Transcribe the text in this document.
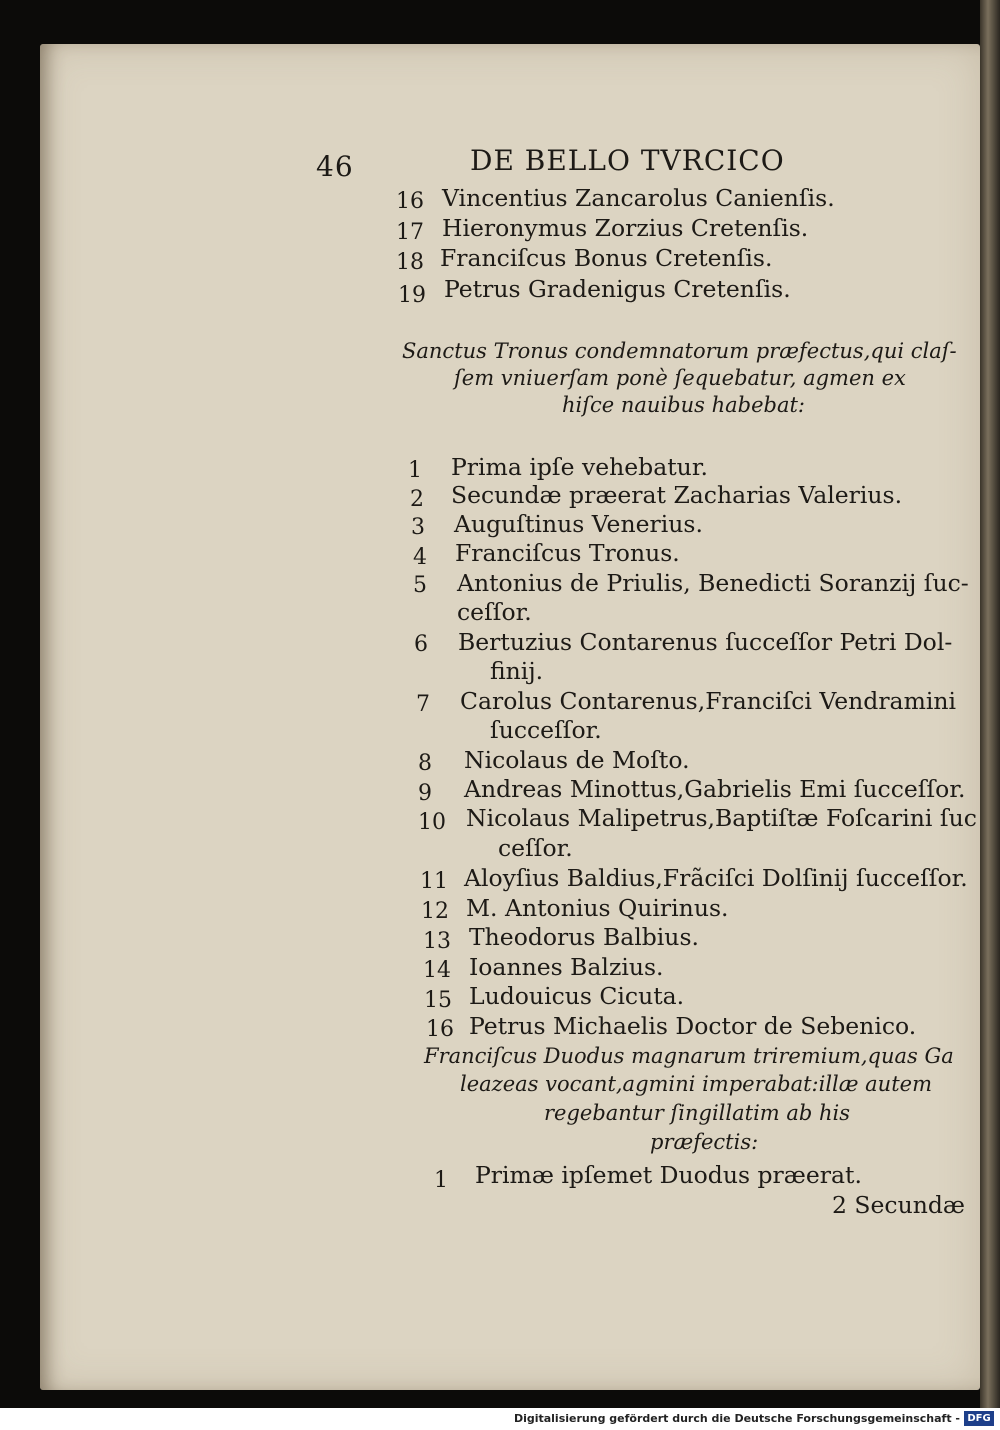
46	DE BELLO TVRCICO
16 Vincentius Zancarolus Canienſis.
17 Hieronymus Zorzius Cretenſis.
18 Franciſcus Bonus Cretenſis.
19 Petrus Gradenigus Cretenſis.
Sanctus Tronus condemnatorum præfectus,qui claſ-
ſem vniuerſam ponè ſequebatur, agmen ex
hiſce nauibus habebat:
1 Prima ipſe vehebatur.
2 Secundæ præerat Zacharias Valerius.
3 Auguſtinus Venerius.
4 Franciſcus Tronus.
5 Antonius de Priulis, Benedicti Soranzij ſuc-
ceſſor.
6 Bertuzius Contarenus ſucceſſor Petri Dol-
finij.
7 Carolus Contarenus,Franciſci Vendramini
ſucceſſor.
8 Nicolaus de Moſto.
9 Andreas Minottus,Gabrielis Emi ſucceſſor.
10 Nicolaus Malipetrus,Baptiſtæ Foſcarini ſuc
ceſſor.
11 Aloyſius Baldius,Frãciſci Dolſinij ſucceſſor.
12 M. Antonius Quirinus.
13 Theodorus Balbius.
14 Ioannes Balzius.
15 Ludouicus Cicuta.
16 Petrus Michaelis Doctor de Sebenico.
Franciſcus Duodus magnarum triremium,quas Ga
leazeas vocant,agmini imperabat:illæ autem
regebantur ſingillatim ab his
præfectis:
1 Primæ ipſemet Duodus præerat.
2 Secundæ
Digitalisierung gefördert durch die Deutsche Forschungsgemeinschaft - DFG
